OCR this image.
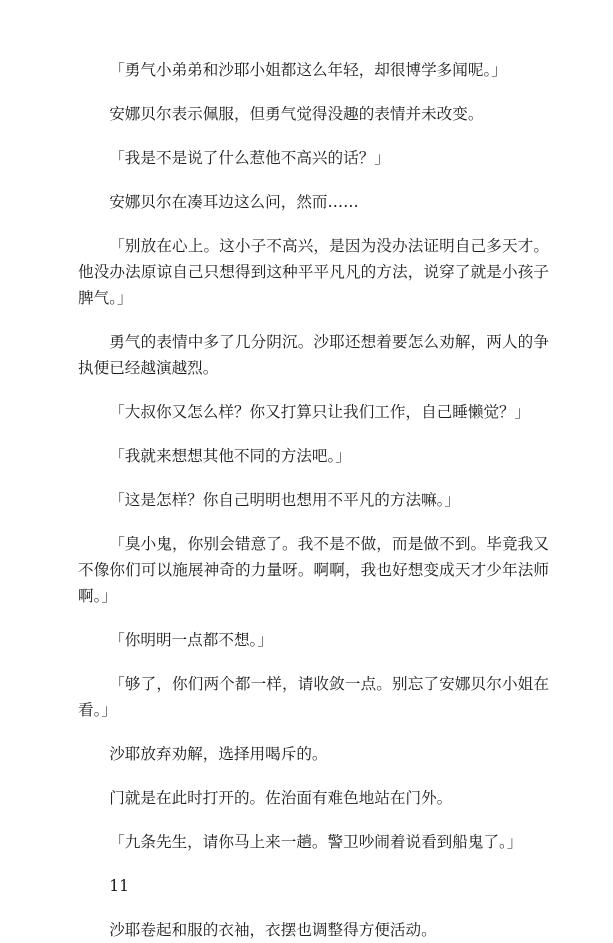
「勇气小弟弟和沙耶小姐都这么年轻，却很博学多闻呢。」

安娜贝尔表示佩服，但勇气觉得没趣的表情并未改变。

「我是不是说了什么惹他不高兴的话？」

安娜贝尔在凑耳边这么问，然而……

「别放在心上。这小子不高兴，是因为没办法证明自己多天才。他没办法原谅自己只想得到这种平平凡凡的方法，说穿了就是小孩子脾气。」

勇气的表情中多了几分阴沉。沙耶还想着要怎么劝解，两人的争执便已经越演越烈。

「大叔你又怎么样？你又打算只让我们工作，自己睡懒觉？」

「我就来想想其他不同的方法吧。」

「这是怎样？你自己明明也想用不平凡的方法嘛。」

「臭小鬼，你别会错意了。我不是不做，而是做不到。毕竟我又不像你们可以施展神奇的力量呀。啊啊，我也好想变成天才少年法师啊。」

「你明明一点都不想。」

「够了，你们两个都一样，请收敛一点。别忘了安娜贝尔小姐在看。」

沙耶放弃劝解，选择用喝斥的。

门就是在此时打开的。佐治面有难色地站在门外。

「九条先生，请你马上来一趟。警卫吵闹着说看到船鬼了。」

11

沙耶卷起和服的衣袖，衣摆也调整得方便活动。
